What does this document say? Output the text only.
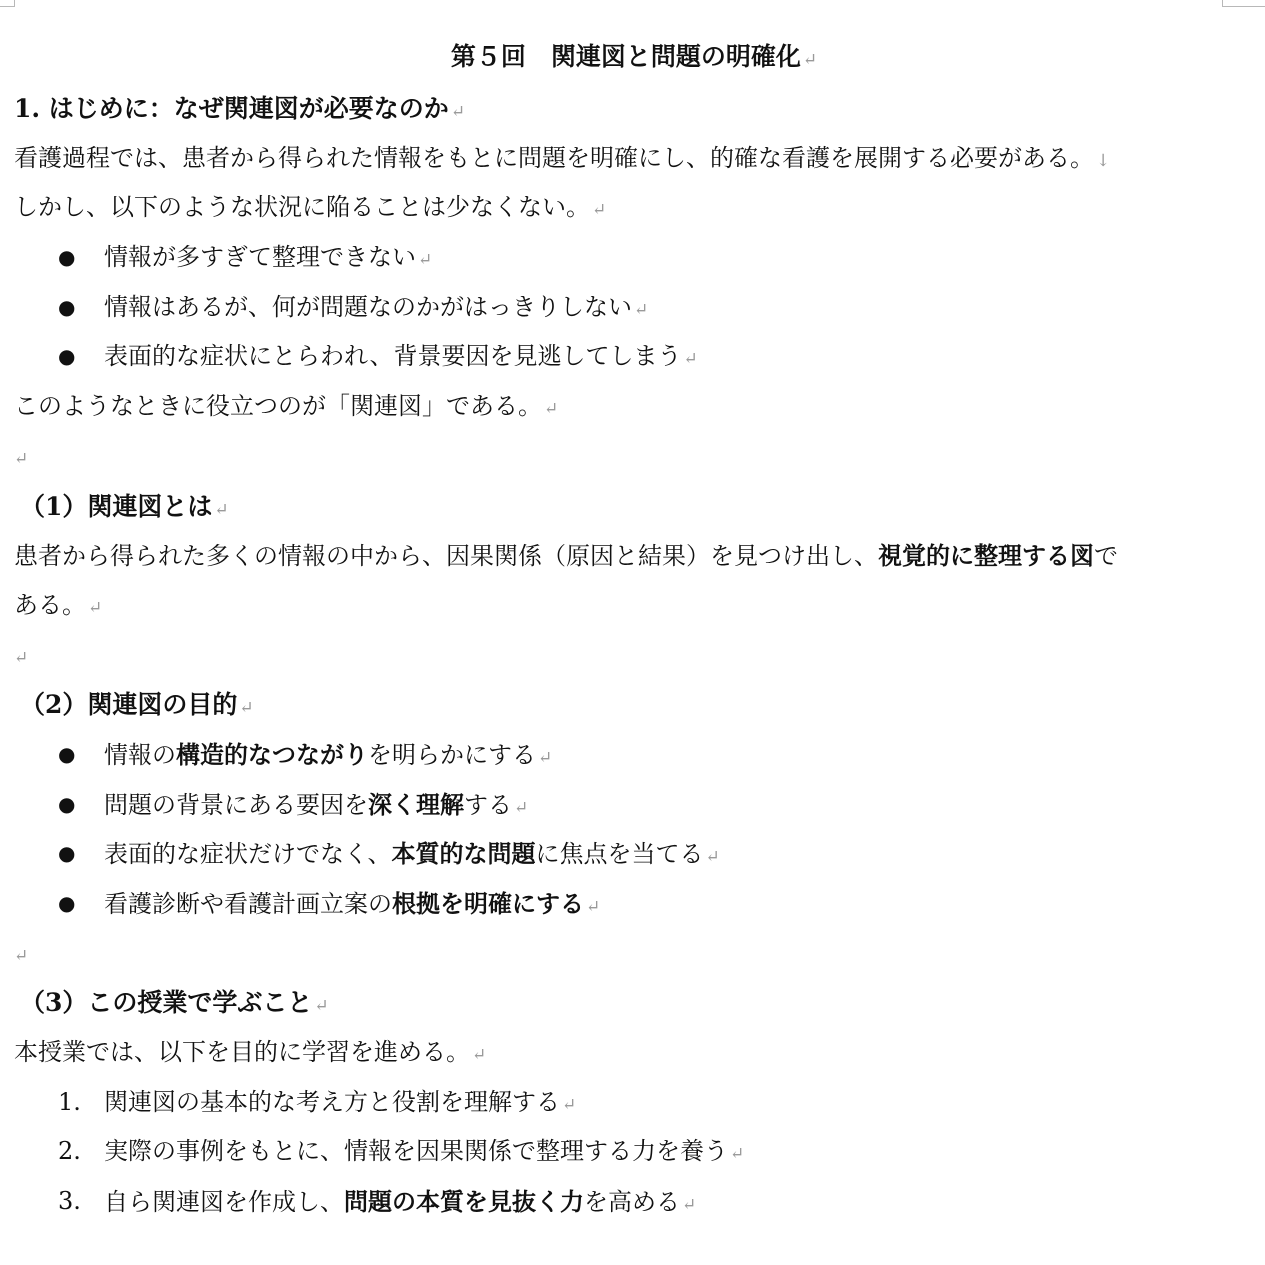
第５回　関連図と問題の明確化 ↵
1. はじめに：なぜ関連図が必要なのか ↵
看護過程では、患者から得られた情報をもとに問題を明確にし、的確な看護を展開する必要がある。 ↓
しかし、以下のような状況に陥ることは少なくない。 ↵
● 情報が多すぎて整理できない ↵
● 情報はあるが、何が問題なのかがはっきりしない ↵
● 表面的な症状にとらわれ、背景要因を見逃してしまう ↵
このようなときに役立つのが「関連図」である。 ↵
↵
（1）関連図とは ↵
患者から得られた多くの情報の中から、因果関係（原因と結果）を見つけ出し、視覚的に整理する図で
ある。 ↵
↵
（2）関連図の目的 ↵
● 情報の構造的なつながりを明らかにする ↵
● 問題の背景にある要因を深く理解する ↵
● 表面的な症状だけでなく、本質的な問題に焦点を当てる ↵
● 看護診断や看護計画立案の根拠を明確にする ↵
↵
（3）この授業で学ぶこと ↵
本授業では、以下を目的に学習を進める。 ↵
1. 関連図の基本的な考え方と役割を理解する ↵
2. 実際の事例をもとに、情報を因果関係で整理する力を養う ↵
3. 自ら関連図を作成し、問題の本質を見抜く力を高める ↵
